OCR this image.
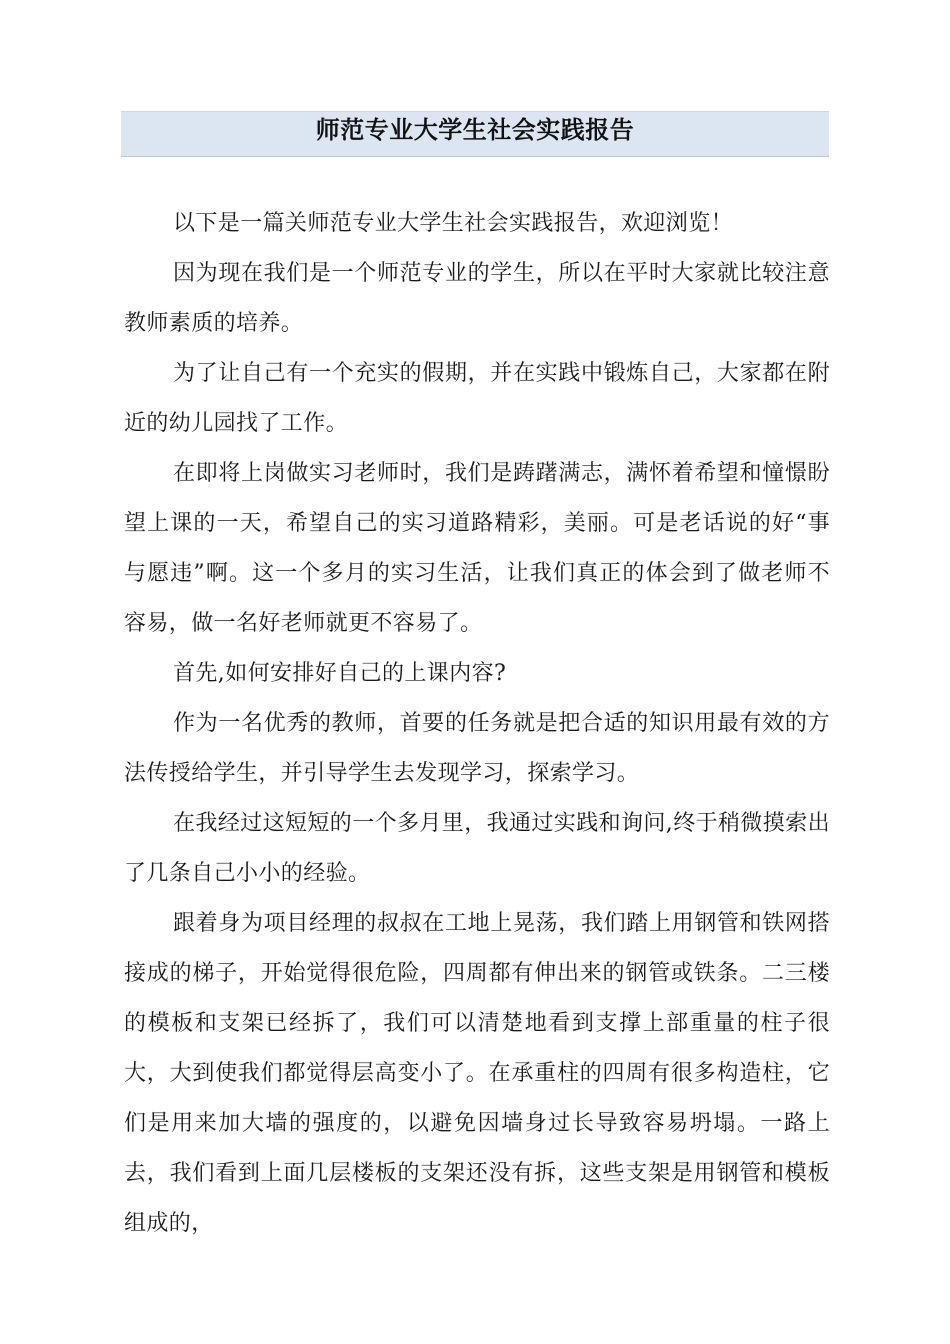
师范专业大学生社会实践报告

以下是一篇关师范专业大学生社会实践报告，欢迎浏览！

因为现在我们是一个师范专业的学生，所以在平时大家就比较注意教师素质的培养。

为了让自己有一个充实的假期，并在实践中锻炼自己，大家都在附近的幼儿园找了工作。

在即将上岗做实习老师时，我们是踌躇满志，满怀着希望和憧憬盼望上课的一天，希望自己的实习道路精彩，美丽。可是老话说的好“事与愿违”啊。这一个多月的实习生活，让我们真正的体会到了做老师不容易，做一名好老师就更不容易了。

首先,如何安排好自己的上课内容?

作为一名优秀的教师，首要的任务就是把合适的知识用最有效的方法传授给学生，并引导学生去发现学习，探索学习。

在我经过这短短的一个多月里，我通过实践和询问,终于稍微摸索出了几条自己小小的经验。

跟着身为项目经理的叔叔在工地上晃荡，我们踏上用钢管和铁网搭接成的梯子，开始觉得很危险，四周都有伸出来的钢管或铁条。二三楼的模板和支架已经拆了，我们可以清楚地看到支撑上部重量的柱子很大，大到使我们都觉得层高变小了。在承重柱的四周有很多构造柱，它们是用来加大墙的强度的，以避免因墙身过长导致容易坍塌。一路上去，我们看到上面几层楼板的支架还没有拆，这些支架是用钢管和模板组成的，
